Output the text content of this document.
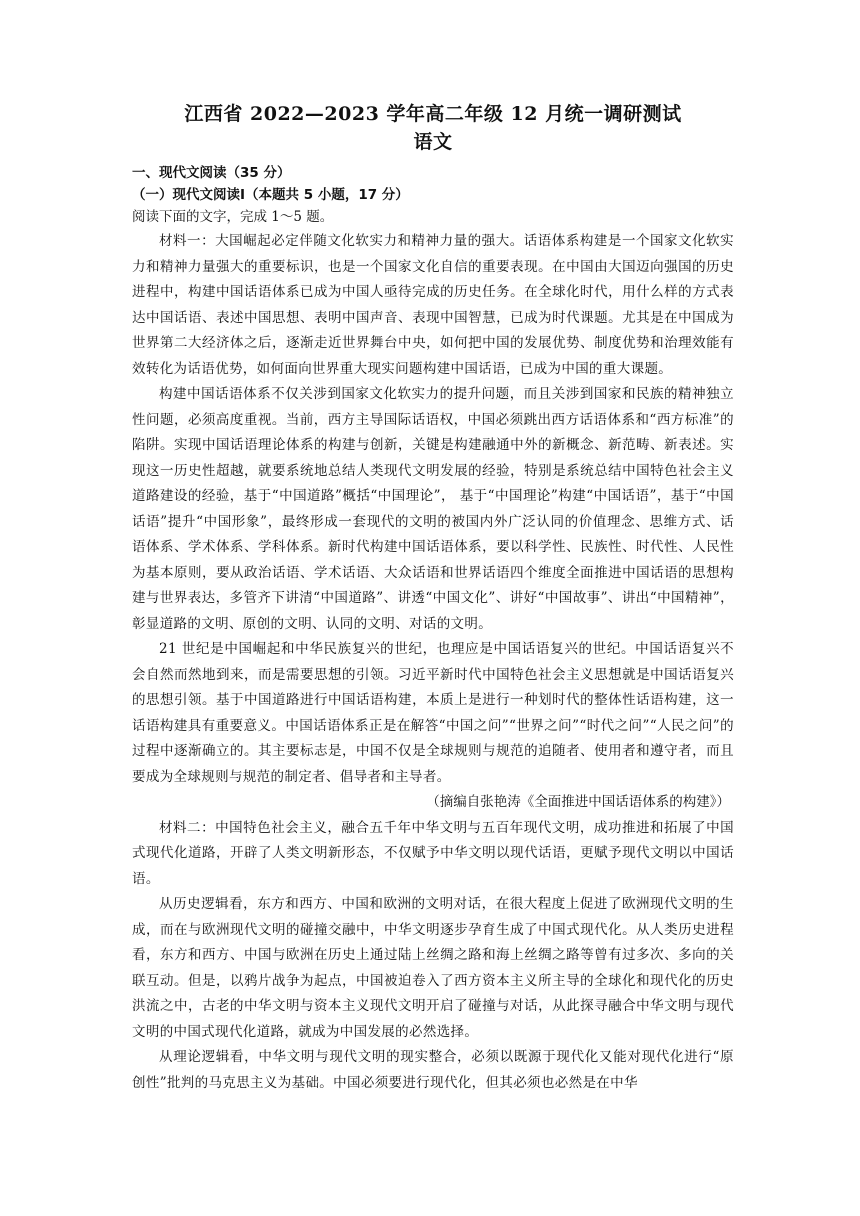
江西省 2022—2023 学年高二年级 12 月统一调研测试
语文

一、现代文阅读（35 分）

（一）现代文阅读Ⅰ（本题共 5 小题，17 分）

阅读下面的文字，完成 1～5 题。

材料一：大国崛起必定伴随文化软实力和精神力量的强大。话语体系构建是一个国家文化软实力和精神力量强大的重要标识，也是一个国家文化自信的重要表现。在中国由大国迈向强国的历史进程中，构建中国话语体系已成为中国人亟待完成的历史任务。在全球化时代，用什么样的方式表达中国话语、表述中国思想、表明中国声音、表现中国智慧，已成为时代课题。尤其是在中国成为世界第二大经济体之后，逐渐走近世界舞台中央，如何把中国的发展优势、制度优势和治理效能有效转化为话语优势，如何面向世界重大现实问题构建中国话语，已成为中国的重大课题。

构建中国话语体系不仅关涉到国家文化软实力的提升问题，而且关涉到国家和民族的精神独立性问题，必须高度重视。当前，西方主导国际话语权，中国必须跳出西方话语体系和“西方标准”的陷阱。实现中国话语理论体系的构建与创新，关键是构建融通中外的新概念、新范畴、新表述。实现这一历史性超越，就要系统地总结人类现代文明发展的经验，特别是系统总结中国特色社会主义道路建设的经验，基于“中国道路”概括“中国理论”， 基于“中国理论”构建“中国话语”，基于“中国话语”提升“中国形象”，最终形成一套现代的文明的被国内外广泛认同的价值理念、思维方式、话语体系、学术体系、学科体系。新时代构建中国话语体系，要以科学性、民族性、时代性、人民性为基本原则，要从政治话语、学术话语、大众话语和世界话语四个维度全面推进中国话语的思想构建与世界表达，多管齐下讲清“中国道路”、讲透“中国文化”、讲好“中国故事”、讲出“中国精神”，彰显道路的文明、原创的文明、认同的文明、对话的文明。

21 世纪是中国崛起和中华民族复兴的世纪，也理应是中国话语复兴的世纪。中国话语复兴不会自然而然地到来，而是需要思想的引领。习近平新时代中国特色社会主义思想就是中国话语复兴的思想引领。基于中国道路进行中国话语构建，本质上是进行一种划时代的整体性话语构建，这一话语构建具有重要意义。中国话语体系正是在解答“中国之问”“世界之问”“时代之问”“人民之问”的过程中逐渐确立的。其主要标志是，中国不仅是全球规则与规范的追随者、使用者和遵守者，而且要成为全球规则与规范的制定者、倡导者和主导者。

（摘编自张艳涛《全面推进中国话语体系的构建》）

材料二：中国特色社会主义，融合五千年中华文明与五百年现代文明，成功推进和拓展了中国式现代化道路，开辟了人类文明新形态，不仅赋予中华文明以现代话语，更赋予现代文明以中国话语。

从历史逻辑看，东方和西方、中国和欧洲的文明对话，在很大程度上促进了欧洲现代文明的生成，而在与欧洲现代文明的碰撞交融中，中华文明逐步孕育生成了中国式现代化。从人类历史进程看，东方和西方、中国与欧洲在历史上通过陆上丝绸之路和海上丝绸之路等曾有过多次、多向的关联互动。但是，以鸦片战争为起点，中国被迫卷入了西方资本主义所主导的全球化和现代化的历史洪流之中，古老的中华文明与资本主义现代文明开启了碰撞与对话，从此探寻融合中华文明与现代文明的中国式现代化道路，就成为中国发展的必然选择。

从理论逻辑看，中华文明与现代文明的现实整合，必须以既源于现代化又能对现代化进行“原创性”批判的马克思主义为基础。中国必须要进行现代化，但其必须也必然是在中华
